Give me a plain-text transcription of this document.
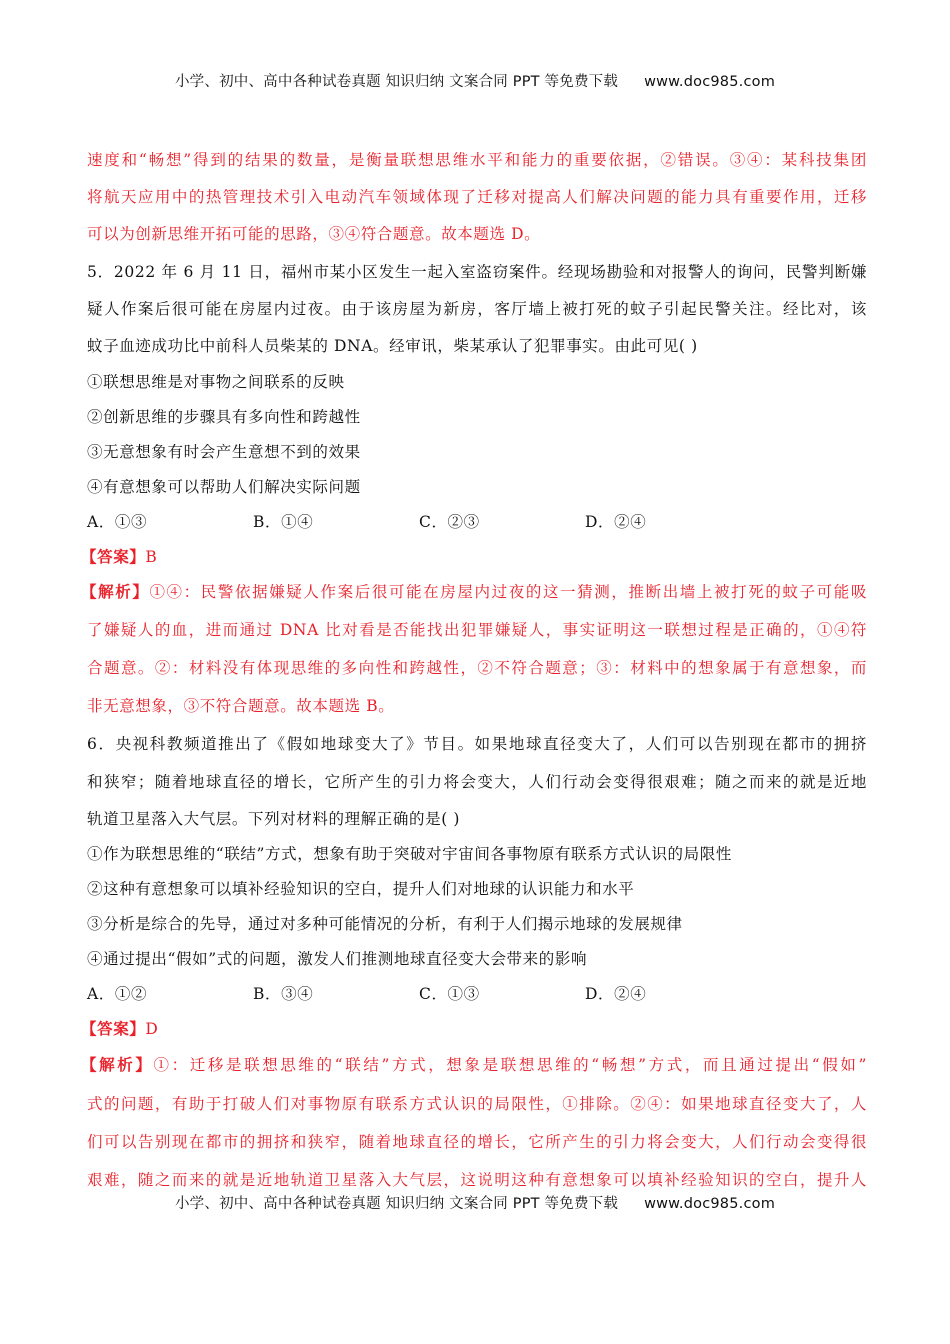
小学、初中、高中各种试卷真题 知识归纳 文案合同 PPT 等免费下载 www.doc985.com
速度和“畅想”得到的结果的数量，是衡量联想思维水平和能力的重要依据，②错误。③④：某科技集团
将航天应用中的热管理技术引入电动汽车领域体现了迁移对提高人们解决问题的能力具有重要作用，迁移
可以为创新思维开拓可能的思路，③④符合题意。故本题选 D。
5．2022 年 6 月 11 日，福州市某小区发生一起入室盗窃案件。经现场勘验和对报警人的询问，民警判断嫌
疑人作案后很可能在房屋内过夜。由于该房屋为新房，客厅墙上被打死的蚊子引起民警关注。经比对，该
蚊子血迹成功比中前科人员柴某的 DNA。经审讯，柴某承认了犯罪事实。由此可见( )
①联想思维是对事物之间联系的反映
②创新思维的步骤具有多向性和跨越性
③无意想象有时会产生意想不到的效果
④有意想象可以帮助人们解决实际问题
A．①③	B．①④	C．②③	D．②④
【答案】B
【解析】①④：民警依据嫌疑人作案后很可能在房屋内过夜的这一猜测，推断出墙上被打死的蚊子可能吸
了嫌疑人的血，进而通过 DNA 比对看是否能找出犯罪嫌疑人，事实证明这一联想过程是正确的，①④符
合题意。②：材料没有体现思维的多向性和跨越性，②不符合题意；③：材料中的想象属于有意想象，而
非无意想象，③不符合题意。故本题选 B。
6．央视科教频道推出了《假如地球变大了》节目。如果地球直径变大了，人们可以告别现在都市的拥挤
和狭窄；随着地球直径的增长，它所产生的引力将会变大，人们行动会变得很艰难；随之而来的就是近地
轨道卫星落入大气层。下列对材料的理解正确的是( )
①作为联想思维的“联结”方式，想象有助于突破对宇宙间各事物原有联系方式认识的局限性
②这种有意想象可以填补经验知识的空白，提升人们对地球的认识能力和水平
③分析是综合的先导，通过对多种可能情况的分析，有利于人们揭示地球的发展规律
④通过提出“假如”式的问题，激发人们推测地球直径变大会带来的影响
A．①②	B．③④	C．①③	D．②④
【答案】D
【解析】①：迁移是联想思维的“联结”方式，想象是联想思维的“畅想”方式，而且通过提出“假如”
式的问题，有助于打破人们对事物原有联系方式认识的局限性，①排除。②④：如果地球直径变大了，人
们可以告别现在都市的拥挤和狭窄，随着地球直径的增长，它所产生的引力将会变大，人们行动会变得很
艰难，随之而来的就是近地轨道卫星落入大气层，这说明这种有意想象可以填补经验知识的空白，提升人
小学、初中、高中各种试卷真题 知识归纳 文案合同 PPT 等免费下载 www.doc985.com
